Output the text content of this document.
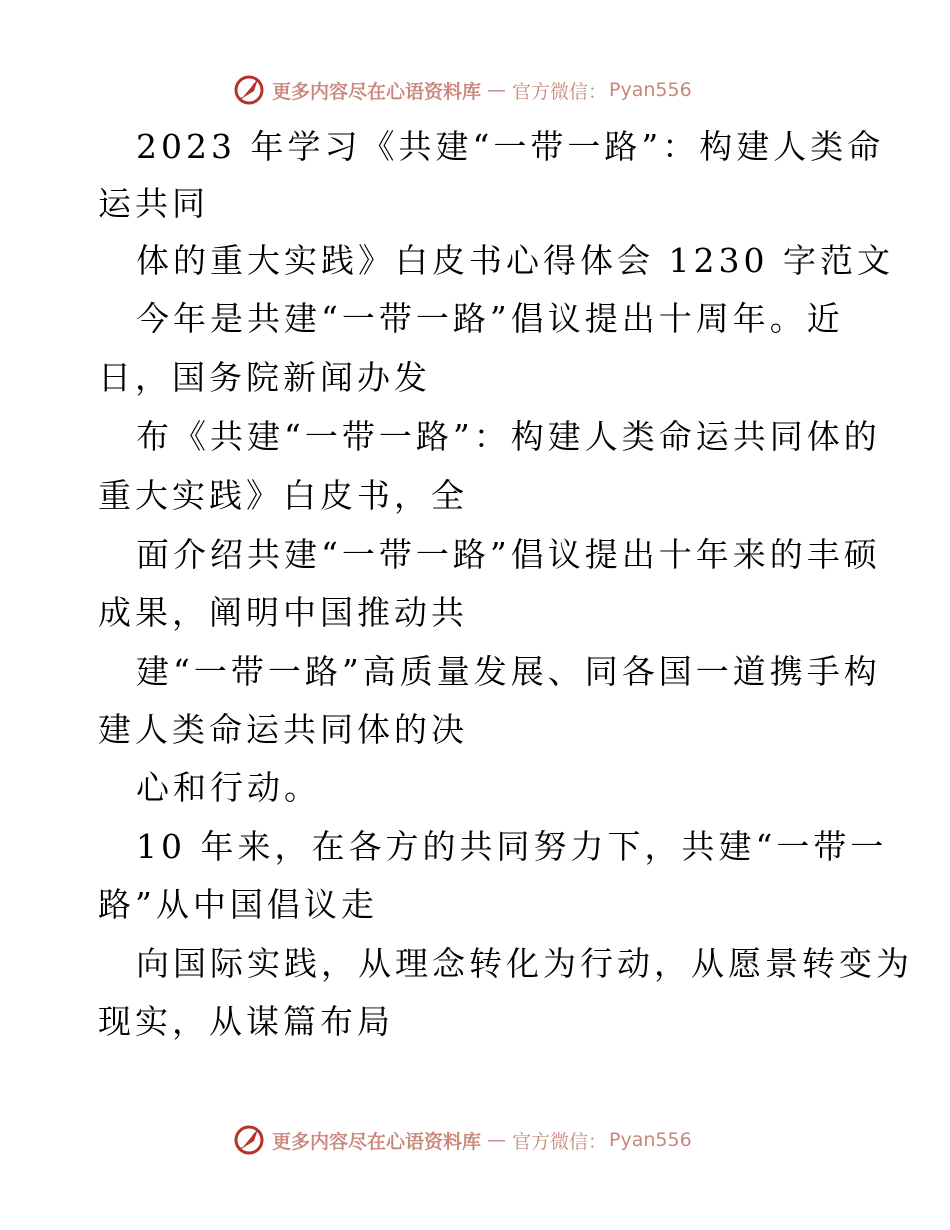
更多内容尽在心语资料库 — 官方微信： Pyan556
2023 年学习《共建“一带一路”：构建人类命
运共同
体的重大实践》白皮书心得体会 1230 字范文
今年是共建“一带一路”倡议提出十周年。近
日，国务院新闻办发
布《共建“一带一路”：构建人类命运共同体的
重大实践》白皮书，全
面介绍共建“一带一路”倡议提出十年来的丰硕
成果，阐明中国推动共
建“一带一路”高质量发展、同各国一道携手构
建人类命运共同体的决
心和行动。
10 年来，在各方的共同努力下，共建“一带一
路”从中国倡议走
向国际实践，从理念转化为行动，从愿景转变为
现实，从谋篇布局
更多内容尽在心语资料库 — 官方微信： Pyan556
